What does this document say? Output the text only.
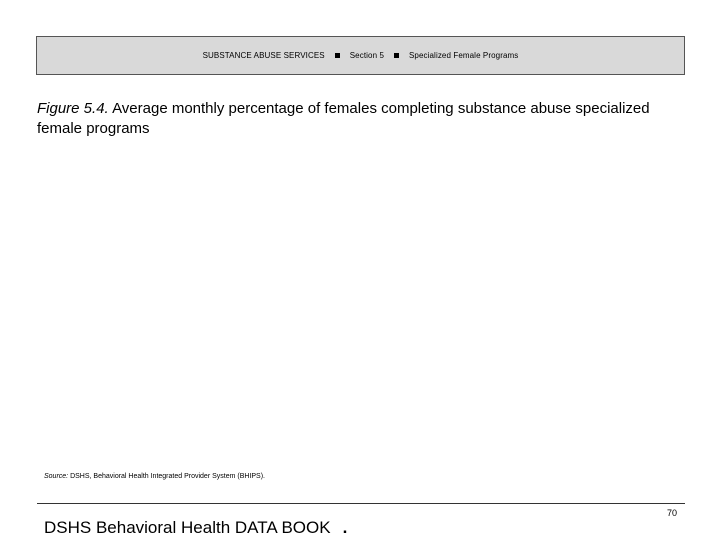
SUBSTANCE ABUSE SERVICES	Section 5	Specialized Female Programs
Figure 5.4. Average monthly percentage of females completing substance abuse specialized female programs
Source: DSHS, Behavioral Health Integrated Provider System (BHIPS).
70
DSHS Behavioral Health DATA BOOK .
